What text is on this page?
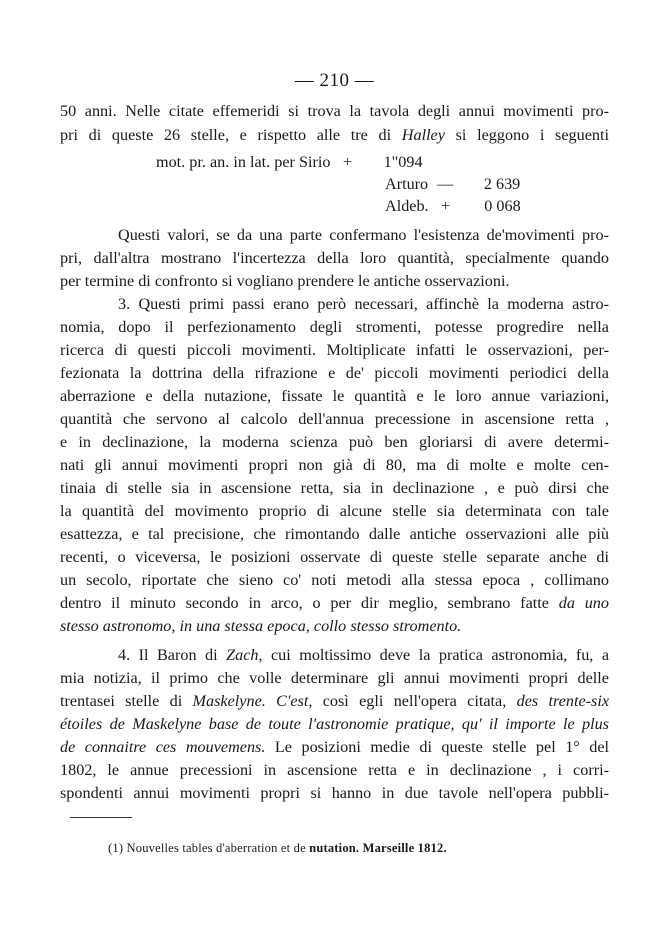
— 210 —
50 anni. Nelle citate effemeridi si trova la tavola degli annui movimenti pro-
pri di queste 26 stelle, e rispetto alle tre di Halley si leggono i seguenti
mot. pr. an. in lat. per Sirio + 1"094
Arturo — 2 639
Aldeb. + 0 068
Questi valori, se da una parte confermano l'esistenza de'movimenti pro-
pri, dall'altra mostrano l'incertezza della loro quantità, specialmente quando
per termine di confronto si vogliano prendere le antiche osservazioni.
3. Questi primi passi erano però necessari, affinchè la moderna astro-
nomia, dopo il perfezionamento degli stromenti, potesse progredire nella
ricerca di questi piccoli movimenti. Moltiplicate infatti le osservazioni, per-
fezionata la dottrina della rifrazione e de' piccoli movimenti periodici della
aberrazione e della nutazione, fissate le quantità e le loro annue variazioni,
quantità che servono al calcolo dell'annua precessione in ascensione retta ,
e in declinazione, la moderna scienza può ben gloriarsi di avere determi-
nati gli annui movimenti propri non già di 80, ma di molte e molte cen-
tinaia di stelle sia in ascensione retta, sia in declinazione , e può dirsi che
la quantità del movimento proprio di alcune stelle sia determinata con tale
esattezza, e tal precisione, che rimontando dalle antiche osservazioni alle più
recenti, o viceversa, le posizioni osservate di queste stelle separate anche di
un secolo, riportate che sieno co' noti metodi alla stessa epoca , collimano
dentro il minuto secondo in arco, o per dir meglio, sembrano fatte da uno
stesso astronomo, in una stessa epoca, collo stesso stromento.
4. Il Baron di Zach, cui moltissimo deve la pratica astronomia, fu, a
mia notizia, il primo che volle determinare gli annui movimenti propri delle
trentasei stelle di Maskelyne. C'est, così egli nell'opera citata, des trente-six
étoiles de Maskelyne base de toute l'astronomie pratique, qu' il importe le plus
de connaitre ces mouvemens. Le posizioni medie di queste stelle pel 1° del
1802, le annue precessioni in ascensione retta e in declinazione , i corri-
spondenti annui movimenti propri si hanno in due tavole nell'opera pubbli-
(1) Nouvelles tables d'aberration et de nutation. Marseille 1812.
